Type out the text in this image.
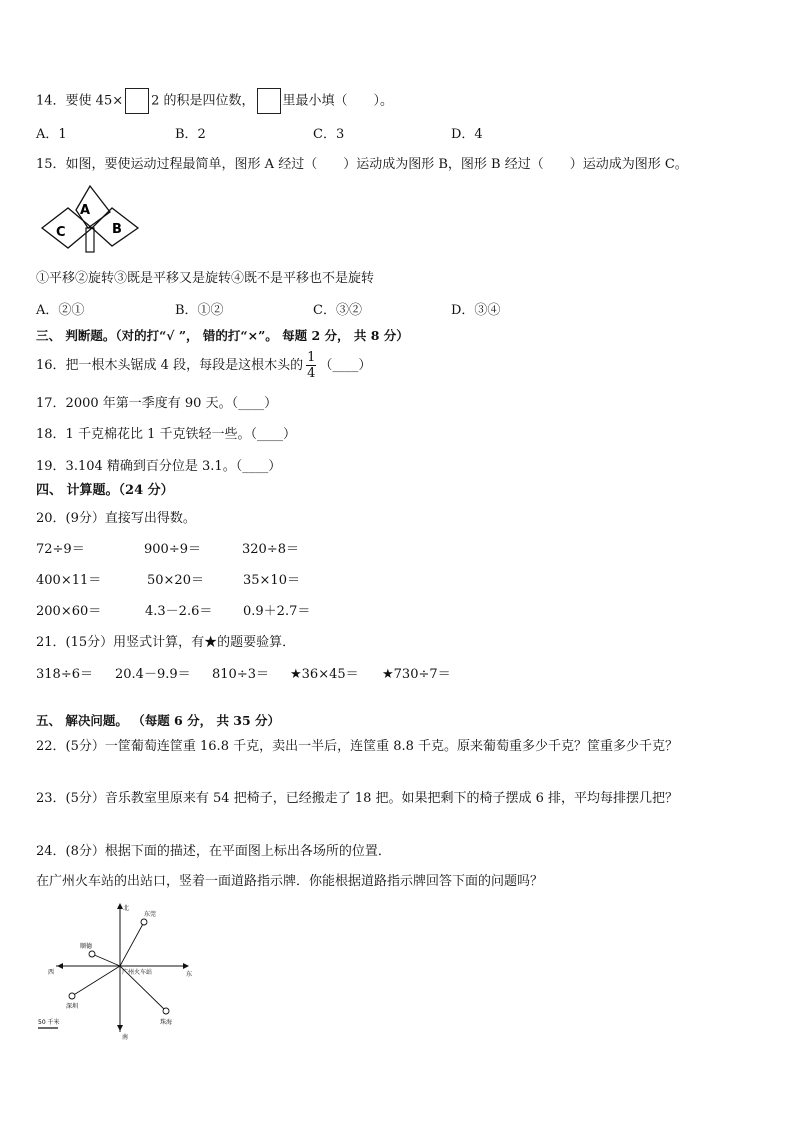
14．要使 45× 2 的积是四位数， 里最小填（　　）。
A．1	B．2	C．3	D．4
15．如图，要使运动过程最简单，图形 A 经过（　　）运动成为图形 B，图形 B 经过（　　）运动成为图形 C。
A
B
C
①平移②旋转③既是平移又是旋转④既不是平移也不是旋转
A．②①	B．①②	C．③②	D．③④
三、 判断题。（对的打“√ ”， 错的打“×”。 每题 2 分， 共 8 分）
16．把一根木头锯成 4 段，每段是这根木头的 $\frac{1}{4}$ （____）
17．2000 年第一季度有 90 天。（____）
18．1 千克棉花比 1 千克铁轻一些。（____）
19．3.104 精确到百分位是 3.1。（____）
四、 计算题。（24 分）
20．(9分）直接写出得数。
72÷9＝	900÷9＝	320÷8＝
400×11＝	50×20＝	35×10＝
200×60＝	4.3－2.6＝ 0.9＋2.7＝
21．(15分）用竖式计算，有★的题要验算．
318÷6＝ 20.4－9.9＝ 810÷3＝ ★36×45＝ ★730÷7＝
五、 解决问题。 （每题 6 分， 共 35 分）
22．(5分）一筐葡萄连筐重 16.8 千克，卖出一半后，连筐重 8.8 千克。原来葡萄重多少千克？筐重多少千克？
23．(5分）音乐教室里原来有 54 把椅子，已经搬走了 18 把。如果把剩下的椅子摆成 6 排，平均每排摆几把？
24．(8分）根据下面的描述，在平面图上标出各场所的位置．
在广州火车站的出站口，竖着一面道路指示牌．你能根据道路指示牌回答下面的问题吗？
北
南
东
西	广州火车站
东莞
顺德
深圳
珠海
50 千米
